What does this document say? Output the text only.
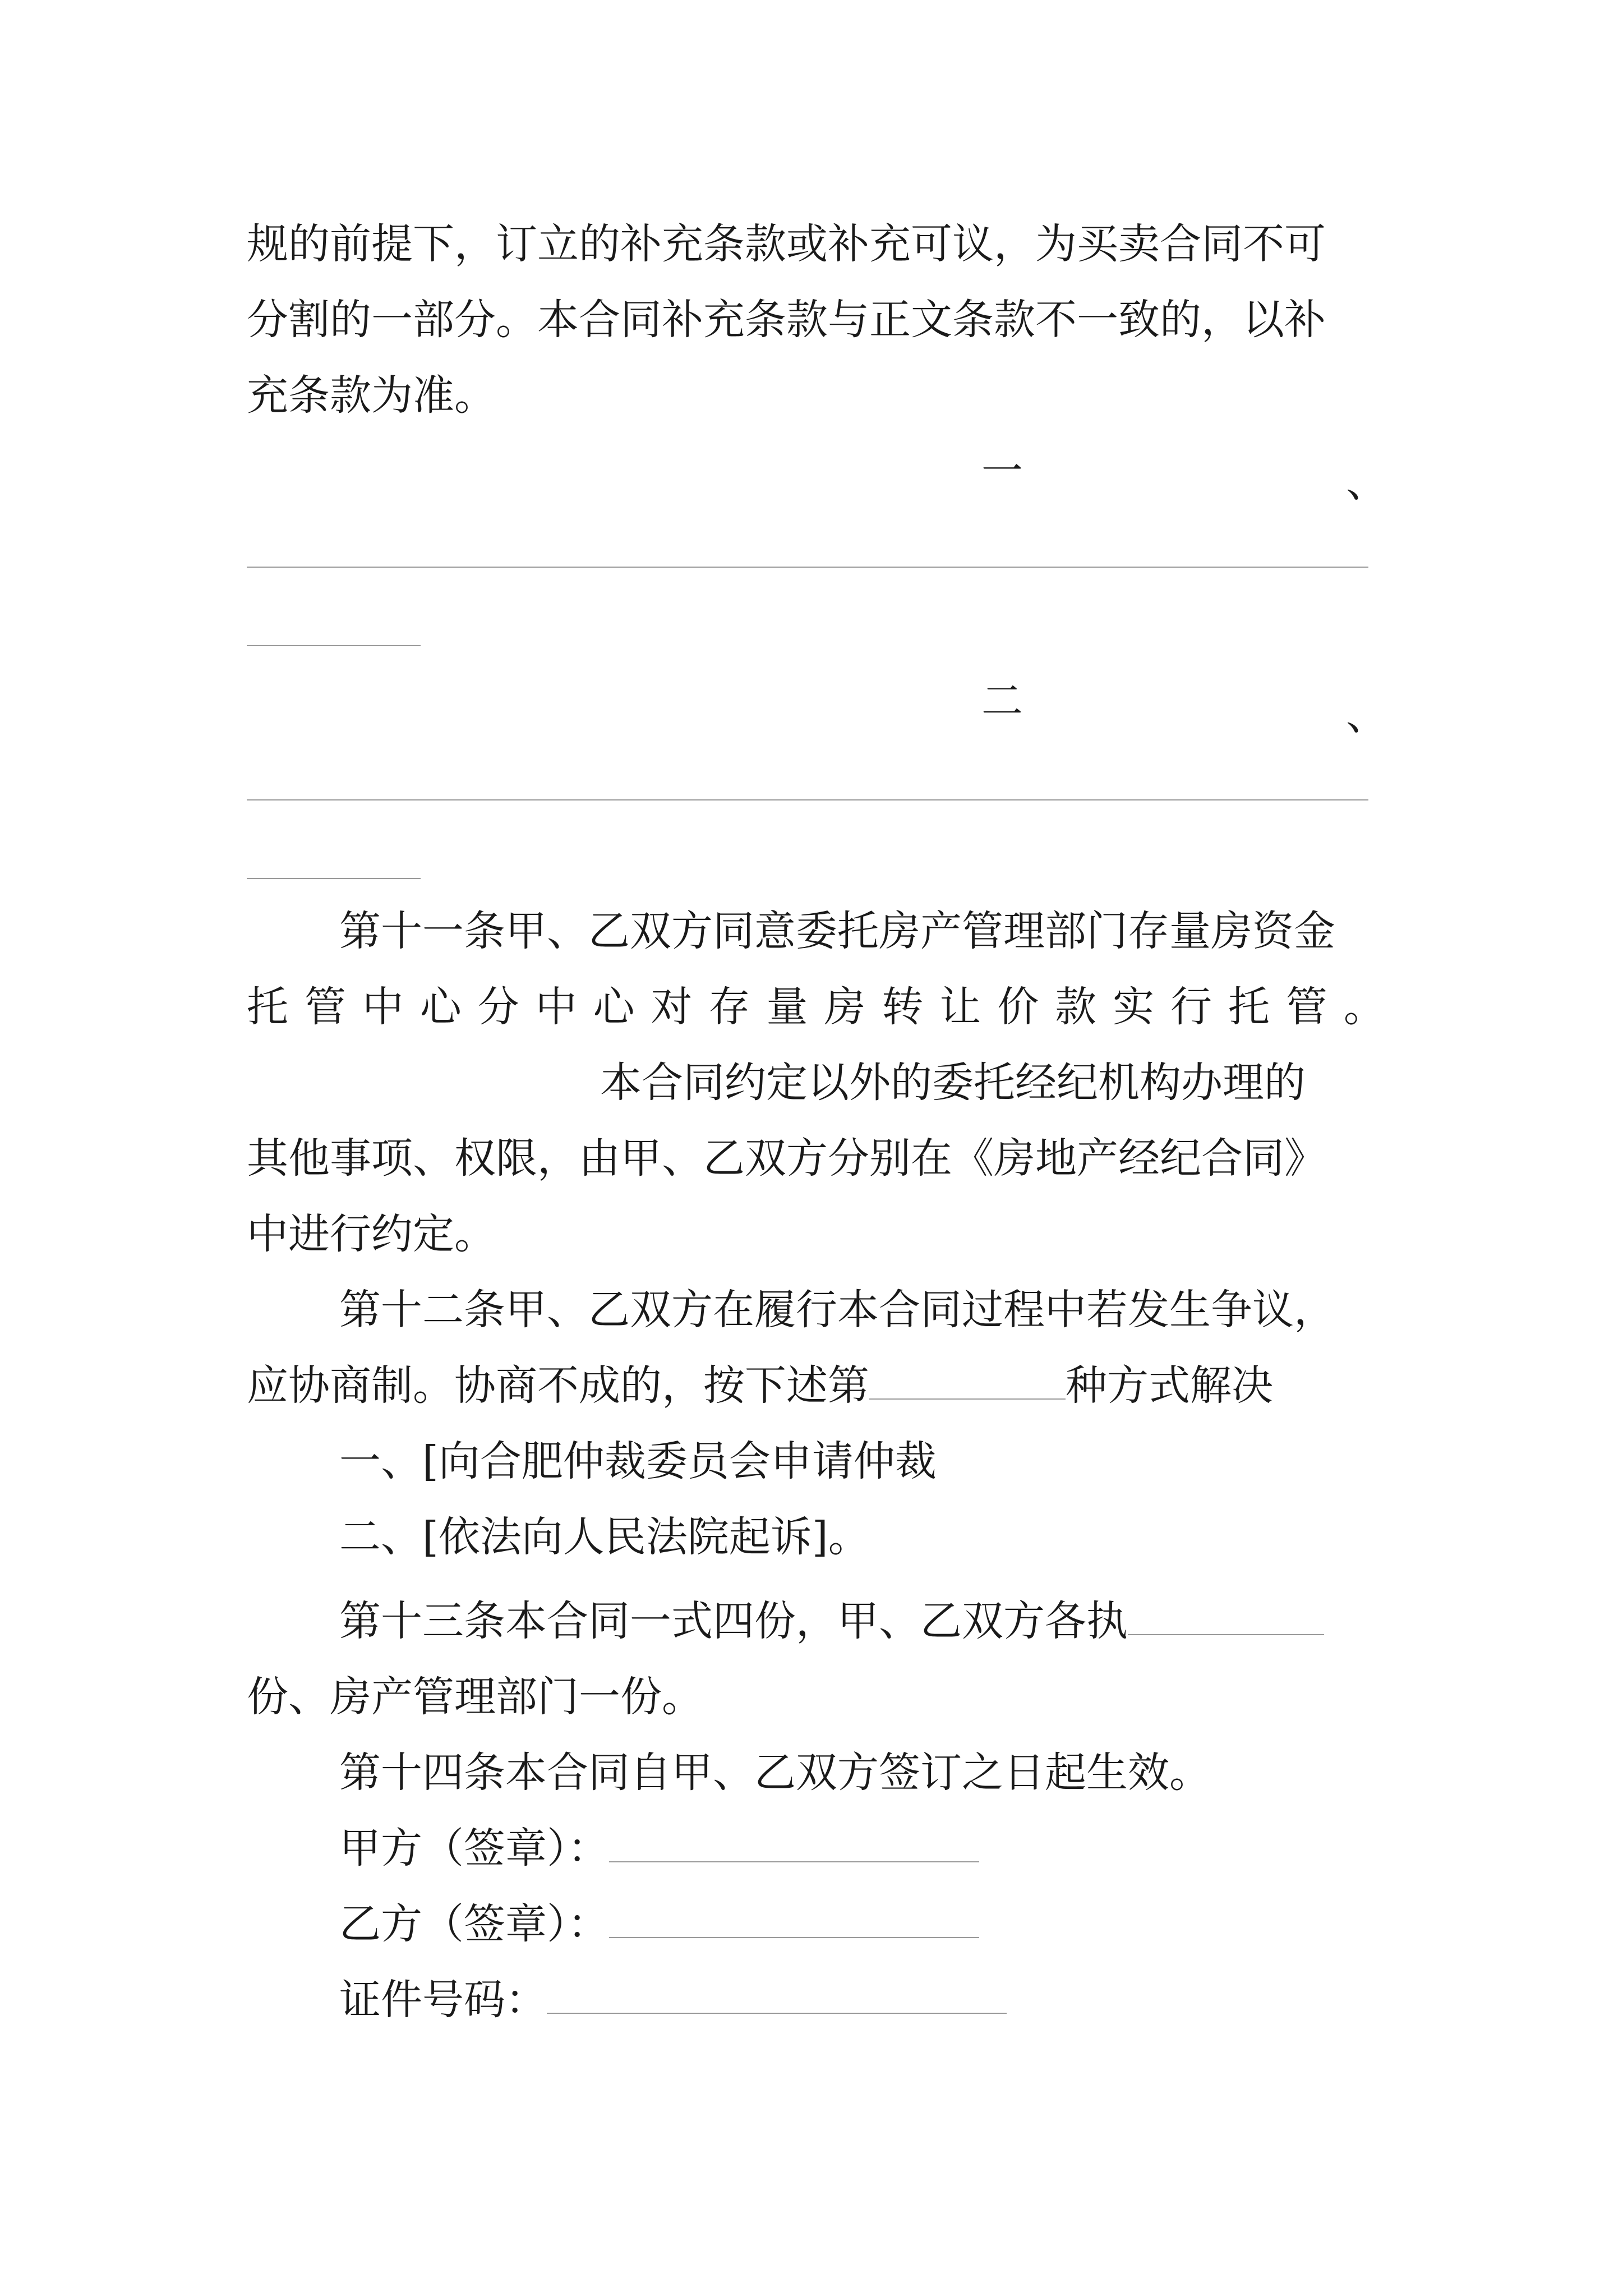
规的前提下，订立的补充条款或补充可议，为买卖合同不可
分割的一部分。本合同补充条款与正文条款不一致的，以补
充条款为准。
一	、
二	、
第十一条甲、乙双方同意委托房产管理部门存量房资金
托 管 中 心 分 中 心 对 存 量 房 转 让 价 款 实 行 托 管 。
本合同约定以外的委托经纪机构办理的
其他事项、权限，由甲、乙双方分别在《房地产经纪合同》
中进行约定。
第十二条甲、乙双方在履行本合同过程中若发生争议，
应协商制。协商不成的，按下述第	种方式解决
一、[向合肥仲裁委员会申请仲裁
二、[依法向人民法院起诉]。
第十三条本合同一式四份，甲、乙双方各执
份、房产管理部门一份。
第十四条本合同自甲、乙双方签订之日起生效。
甲方（签章）：
乙方（签章）：
证件号码：
